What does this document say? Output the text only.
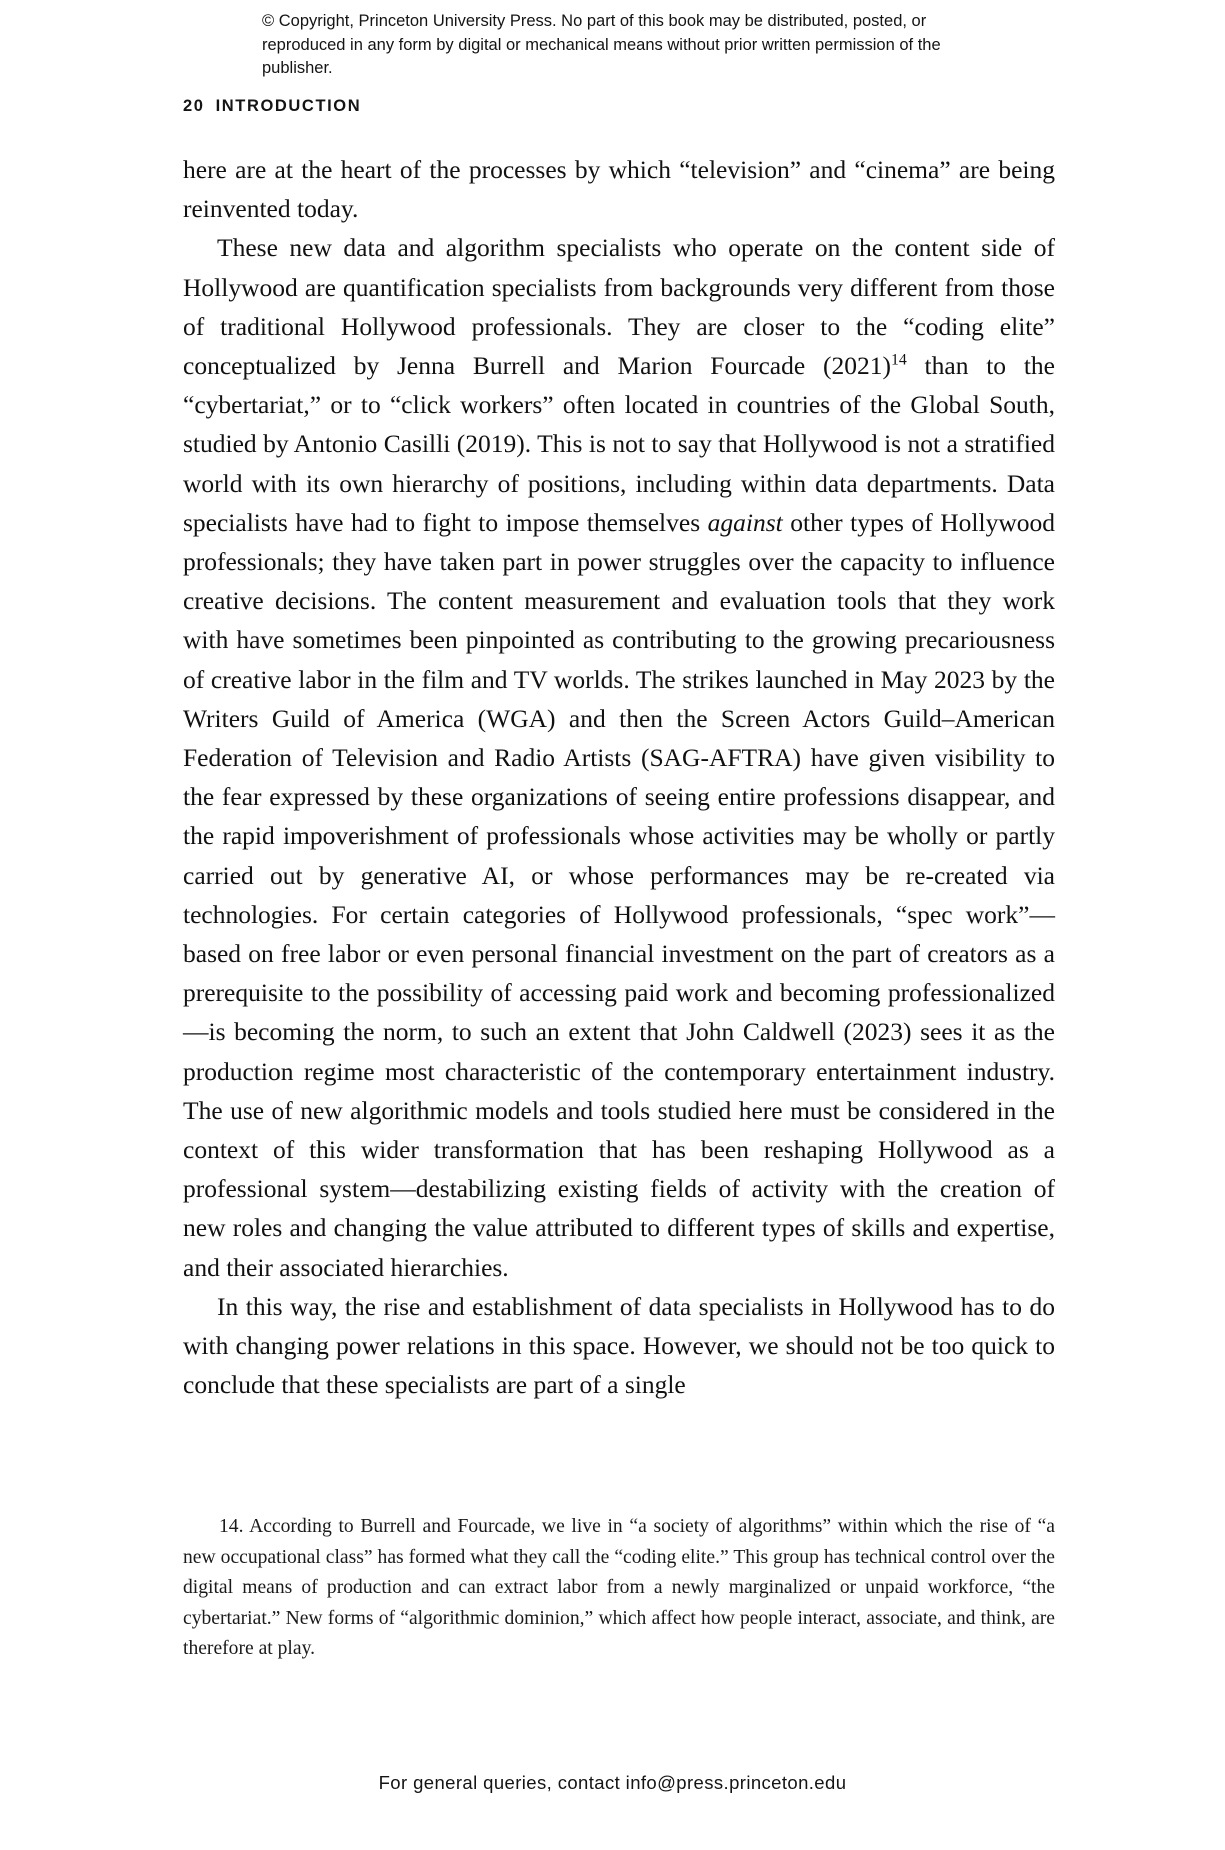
© Copyright, Princeton University Press. No part of this book may be distributed, posted, or reproduced in any form by digital or mechanical means without prior written permission of the publisher.
20 INTRODUCTION

here are at the heart of the processes by which “television” and “cinema” are being reinvented today.

These new data and algorithm specialists who operate on the content side of Hollywood are quantification specialists from backgrounds very different from those of traditional Hollywood professionals. They are closer to the “coding elite” conceptualized by Jenna Burrell and Marion Fourcade (2021)$^{14}$ than to the “cybertariat,” or to “click workers” often located in countries of the Global South, studied by Antonio Casilli (2019). This is not to say that Hollywood is not a stratified world with its own hierarchy of positions, including within data departments. Data specialists have had to fight to impose themselves against other types of Hollywood professionals; they have taken part in power struggles over the capacity to influence creative decisions. The content measurement and evaluation tools that they work with have sometimes been pinpointed as contributing to the growing precariousness of creative labor in the film and TV worlds. The strikes launched in May 2023 by the Writers Guild of America (WGA) and then the Screen Actors Guild–American Federation of Television and Radio Artists (SAG-AFTRA) have given visibility to the fear expressed by these organizations of seeing entire professions disappear, and the rapid impoverishment of professionals whose activities may be wholly or partly carried out by generative AI, or whose performances may be re-created via technologies. For certain categories of Hollywood professionals, “spec work”—based on free labor or even personal financial investment on the part of creators as a prerequisite to the possibility of accessing paid work and becoming professionalized—is becoming the norm, to such an extent that John Caldwell (2023) sees it as the production regime most characteristic of the contemporary entertainment industry. The use of new algorithmic models and tools studied here must be considered in the context of this wider transformation that has been reshaping Hollywood as a professional system—destabilizing existing fields of activity with the creation of new roles and changing the value attributed to different types of skills and expertise, and their associated hierarchies.

In this way, the rise and establishment of data specialists in Hollywood has to do with changing power relations in this space. However, we should not be too quick to conclude that these specialists are part of a single

14. According to Burrell and Fourcade, we live in “a society of algorithms” within which the rise of “a new occupational class” has formed what they call the “coding elite.” This group has technical control over the digital means of production and can extract labor from a newly marginalized or unpaid workforce, “the cybertariat.” New forms of “algorithmic dominion,” which affect how people interact, associate, and think, are therefore at play.

For general queries, contact info@press.princeton.edu
